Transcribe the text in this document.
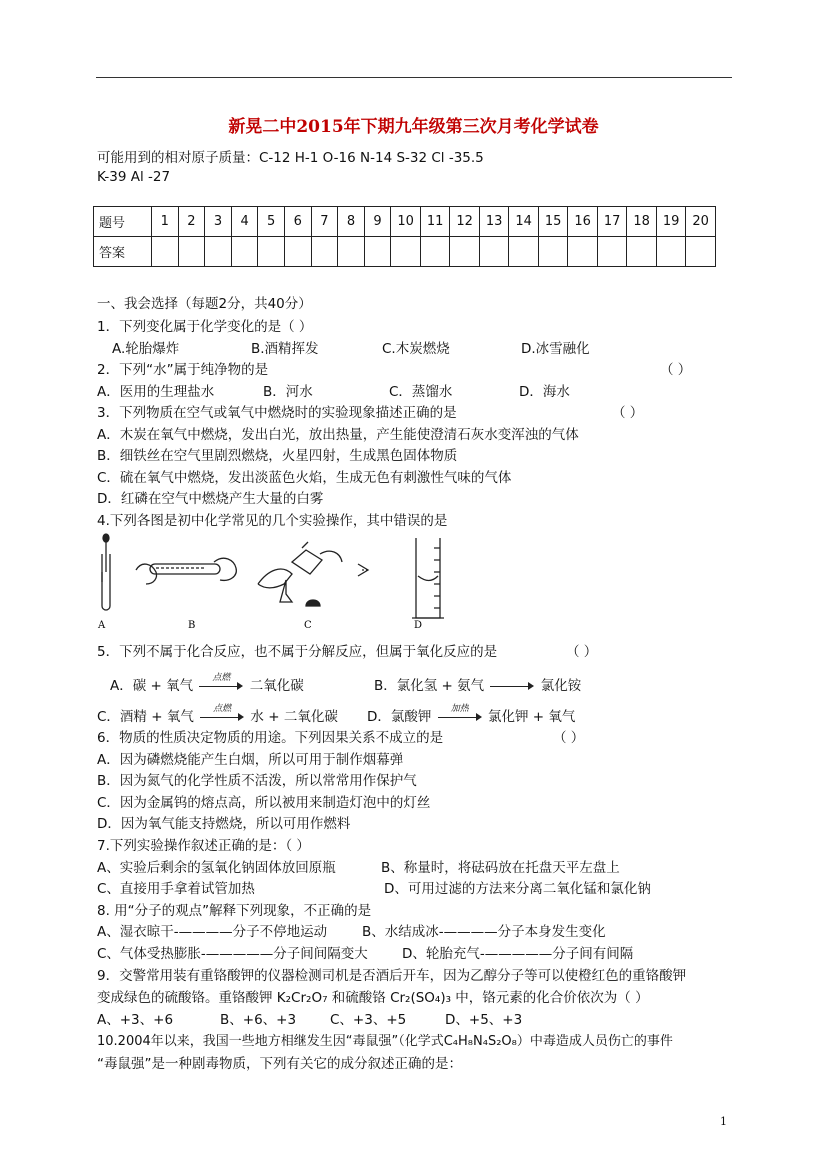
新晃二中2015年下期九年级第三次月考化学试卷
可能用到的相对原子质量：C-12 H-1 O-16 N-14 S-32 Cl -35.5
K-39 Al -27
题号	1	2	3	4	5	6	7	8	9	10	11	12	13	14	15	16	17	18	19	20
答案																				
一、我会选择（每题2分，共40分）
1．下列变化属于化学变化的是（ ）
A.轮胎爆炸	B.酒精挥发	C.木炭燃烧	D.冰雪融化
2．下列“水”属于纯净物的是	（ ）
A．医用的生理盐水	B．河水	C．蒸馏水	D．海水
3．下列物质在空气或氧气中燃烧时的实验现象描述正确的是	（ ）
A．木炭在氧气中燃烧，发出白光，放出热量，产生能使澄清石灰水变浑浊的气体
B．细铁丝在空气里剧烈燃烧，火星四射，生成黑色固体物质
C．硫在氧气中燃烧，发出淡蓝色火焰，生成无色有刺激性气味的气体
D．红磷在空气中燃烧产生大量的白雾
4.下列各图是初中化学常见的几个实验操作，其中错误的是
A	B	C	D
5．下列不属于化合反应，也不属于分解反应，但属于氧化反应的是	（ ）
A．碳 + 氧气	点燃	二氧化碳	B．氯化氢 + 氨气	氯化铵
C．酒精 + 氧气	点燃	水 + 二氧化碳 D．氯酸钾	加热	氯化钾 + 氧气
6．物质的性质决定物质的用途。下列因果关系不成立的是	（ ）
A．因为磷燃烧能产生白烟，所以可用于制作烟幕弹
B．因为氮气的化学性质不活泼，所以常常用作保护气
C．因为金属钨的熔点高，所以被用来制造灯泡中的灯丝
D．因为氧气能支持燃烧，所以可用作燃料
7.下列实验操作叙述正确的是：（ ）
A、实验后剩余的氢氧化钠固体放回原瓶	B、称量时，将砝码放在托盘天平左盘上
C、直接用手拿着试管加热	D、可用过滤的方法来分离二氧化锰和氯化钠
8. 用“分子的观点”解释下列现象，不正确的是
A、湿衣晾干-————分子不停地运动	B、水结成冰-————分子本身发生变化
C、气体受热膨胀-—————分子间间隔变大	D、轮胎充气-—————分子间有间隔
9．交警常用装有重铬酸钾的仪器检测司机是否酒后开车，因为乙醇分子等可以使橙红色的重铬酸钾
变成绿色的硫酸铬。重铬酸钾 K₂Cr₂O₇ 和硫酸铬 Cr₂(SO₄)₃ 中，铬元素的化合价依次为（ ）
A、+3、+6	B、+6、+3	C、+3、+5	D、+5、+3
10.2004年以来，我国一些地方相继发生因“毒鼠强”（化学式C₄H₈N₄S₂O₈）中毒造成人员伤亡的事件
“毒鼠强”是一种剧毒物质，下列有关它的成分叙述正确的是：
1
